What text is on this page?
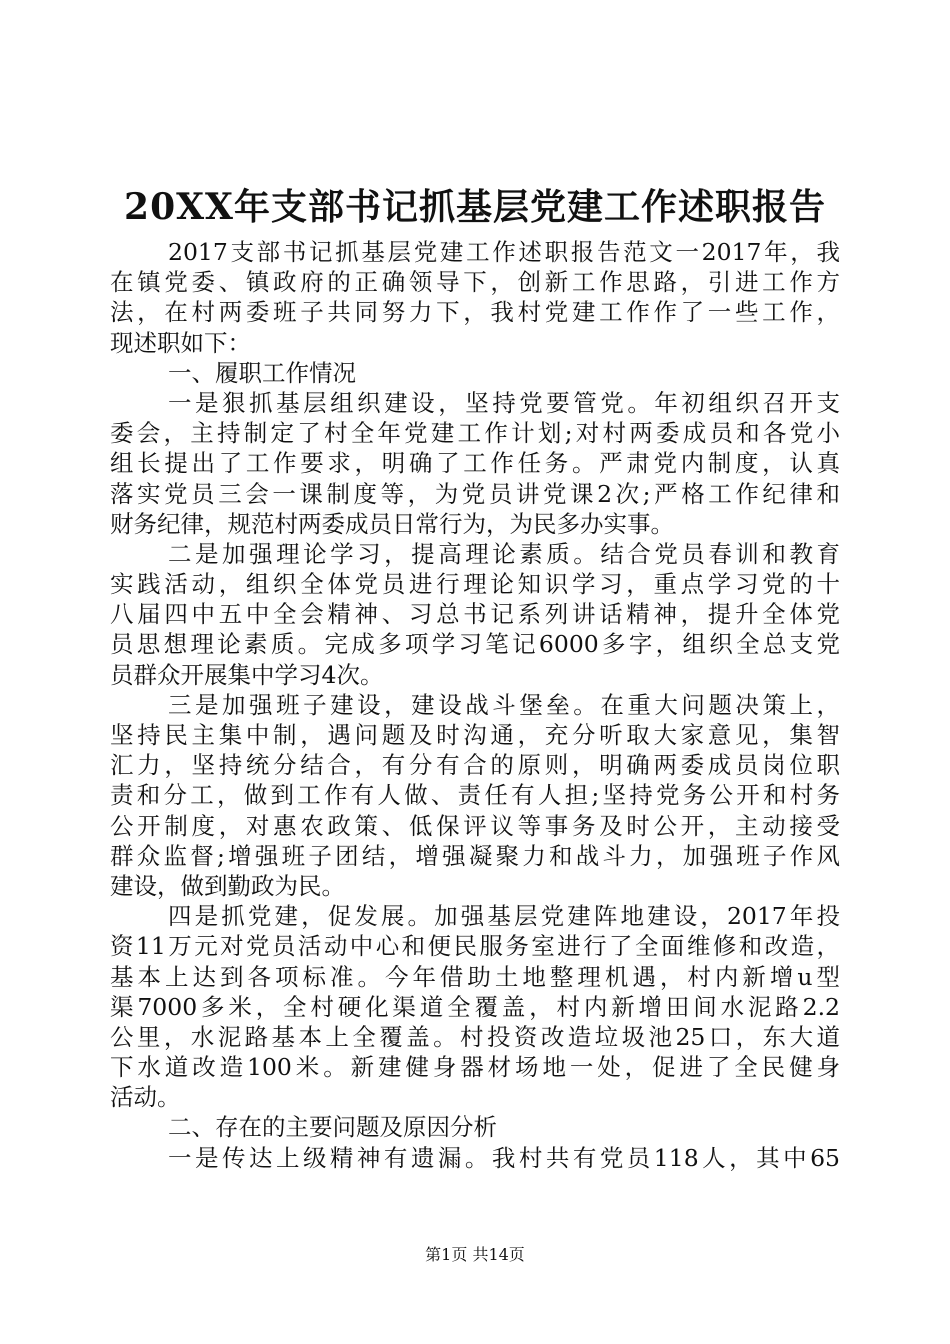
20XX年支部书记抓基层党建工作述职报告
2017支部书记抓基层党建工作述职报告范文一2017年，我
在镇党委、镇政府的正确领导下，创新工作思路，引进工作方
法，在村两委班子共同努力下，我村党建工作作了一些工作，
现述职如下：
一、履职工作情况
一是狠抓基层组织建设，坚持党要管党。年初组织召开支
委会，主持制定了村全年党建工作计划;对村两委成员和各党小
组长提出了工作要求，明确了工作任务。严肃党内制度，认真
落实党员三会一课制度等，为党员讲党课2次;严格工作纪律和
财务纪律，规范村两委成员日常行为，为民多办实事。
二是加强理论学习，提高理论素质。结合党员春训和教育
实践活动，组织全体党员进行理论知识学习，重点学习党的十
八届四中五中全会精神、习总书记系列讲话精神，提升全体党
员思想理论素质。完成多项学习笔记6000多字，组织全总支党
员群众开展集中学习4次。
三是加强班子建设，建设战斗堡垒。在重大问题决策上，
坚持民主集中制，遇问题及时沟通，充分听取大家意见，集智
汇力，坚持统分结合，有分有合的原则，明确两委成员岗位职
责和分工，做到工作有人做、责任有人担;坚持党务公开和村务
公开制度，对惠农政策、低保评议等事务及时公开，主动接受
群众监督;增强班子团结，增强凝聚力和战斗力，加强班子作风
建设，做到勤政为民。
四是抓党建，促发展。加强基层党建阵地建设，2017年投
资11万元对党员活动中心和便民服务室进行了全面维修和改造，
基本上达到各项标准。今年借助土地整理机遇，村内新增u型
渠7000多米，全村硬化渠道全覆盖，村内新增田间水泥路2.2
公里，水泥路基本上全覆盖。村投资改造垃圾池25口，东大道
下水道改造100米。新建健身器材场地一处，促进了全民健身
活动。
二、存在的主要问题及原因分析
一是传达上级精神有遗漏。我村共有党员118人，其中65
第1页 共14页
